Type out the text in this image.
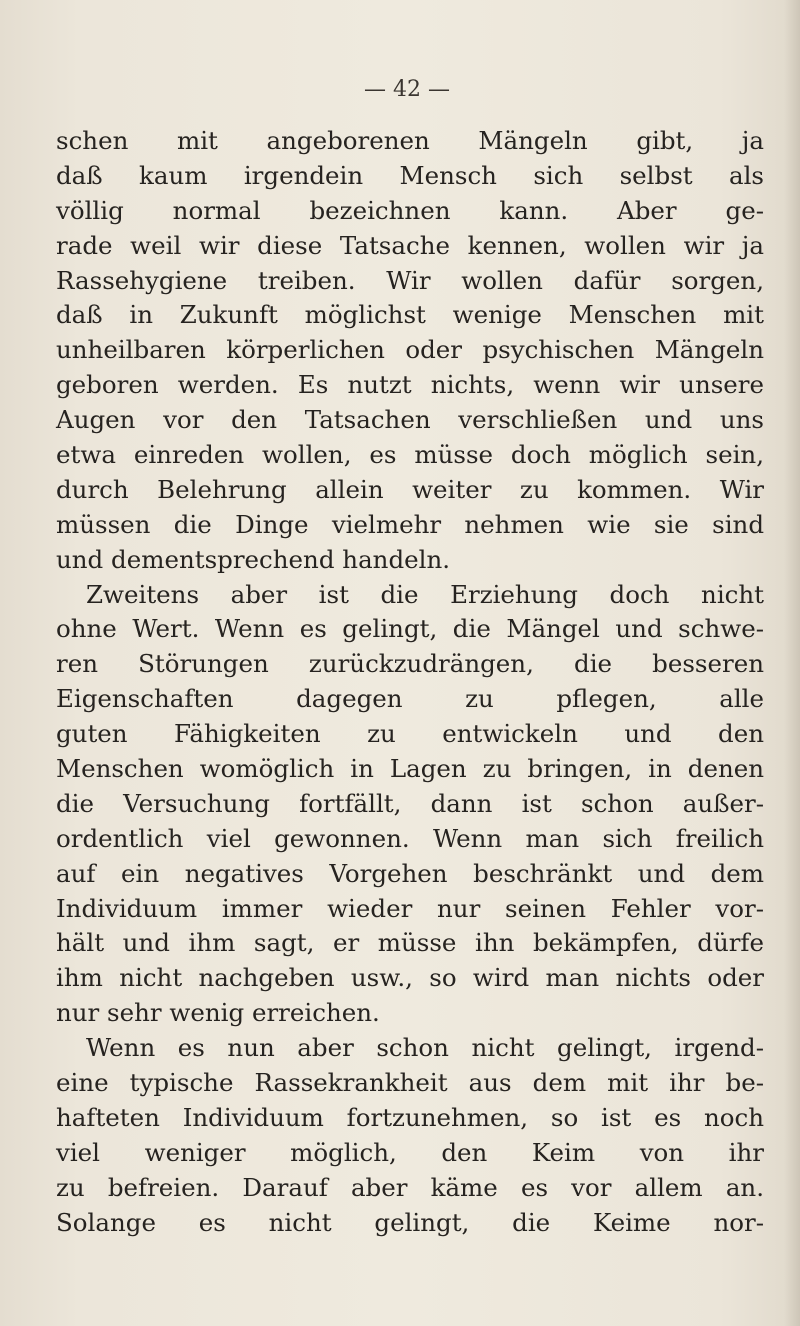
— 42 —

schen mit angeborenen Mängeln gibt, ja
daß kaum irgendein Mensch sich selbst als
völlig normal bezeichnen kann. Aber ge-
rade weil wir diese Tatsache kennen, wollen wir ja
Rassehygiene treiben. Wir wollen dafür sorgen,
daß in Zukunft möglichst wenige Menschen mit
unheilbaren körperlichen oder psychischen Mängeln
geboren werden. Es nutzt nichts, wenn wir unsere
Augen vor den Tatsachen verschließen und uns
etwa einreden wollen, es müsse doch möglich sein,
durch Belehrung allein weiter zu kommen. Wir
müssen die Dinge vielmehr nehmen wie sie sind
und dementsprechend handeln.
Zweitens aber ist die Erziehung doch nicht
ohne Wert. Wenn es gelingt, die Mängel und schwe-
ren Störungen zurückzudrängen, die besseren
Eigenschaften dagegen zu pflegen, alle
guten Fähigkeiten zu entwickeln und den
Menschen womöglich in Lagen zu bringen, in denen
die Versuchung fortfällt, dann ist schon außer-
ordentlich viel gewonnen. Wenn man sich freilich
auf ein negatives Vorgehen beschränkt und dem
Individuum immer wieder nur seinen Fehler vor-
hält und ihm sagt, er müsse ihn bekämpfen, dürfe
ihm nicht nachgeben usw., so wird man nichts oder
nur sehr wenig erreichen.
Wenn es nun aber schon nicht gelingt, irgend-
eine typische Rassekrankheit aus dem mit ihr be-
hafteten Individuum fortzunehmen, so ist es noch
viel weniger möglich, den Keim von ihr
zu befreien. Darauf aber käme es vor allem an.
Solange es nicht gelingt, die Keime nor-
